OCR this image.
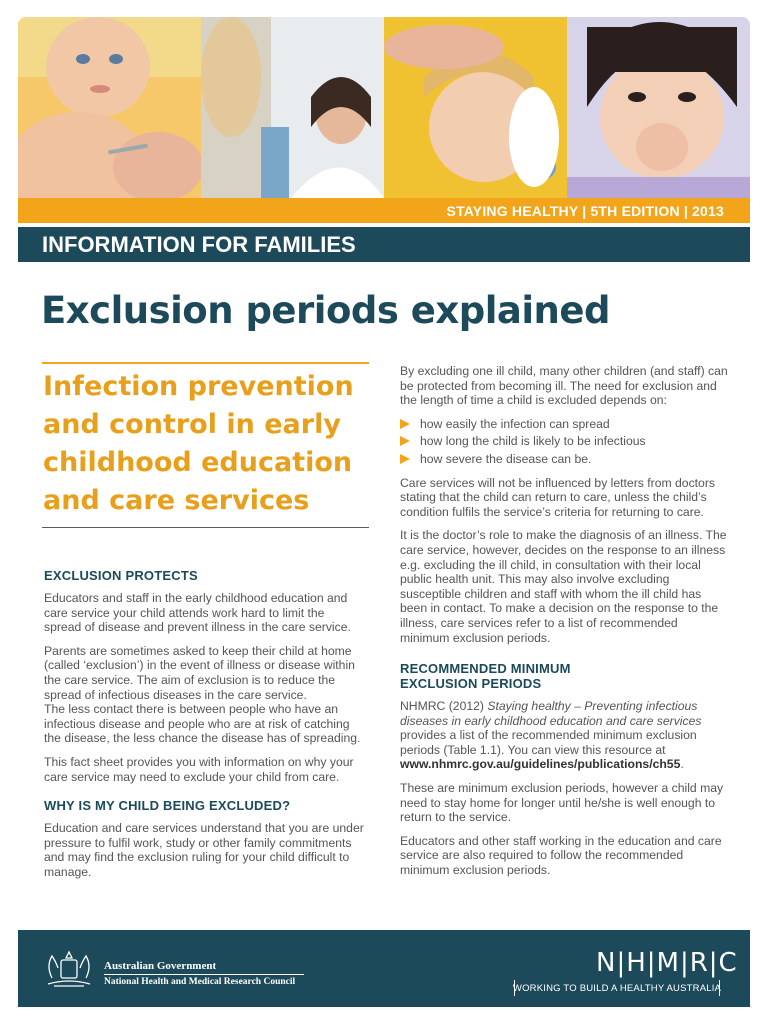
STAYING HEALTHY | 5TH EDITION | 2013
INFORMATION FOR FAMILIES
Exclusion periods explained
Infection prevention and control in early childhood education and care services
EXCLUSION PROTECTS

Educators and staff in the early childhood education and care service your child attends work hard to limit the spread of disease and prevent illness in the care service.

Parents are sometimes asked to keep their child at home (called ‘exclusion’) in the event of illness or disease within the care service. The aim of exclusion is to reduce the spread of infectious diseases in the care service.

The less contact there is between people who have an infectious disease and people who are at risk of catching the disease, the less chance the disease has of spreading.

This fact sheet provides you with information on why your care service may need to exclude your child from care.

WHY IS MY CHILD BEING EXCLUDED?

Education and care services understand that you are under pressure to fulfil work, study or other family commitments and may find the exclusion ruling for your child difficult to manage.

By excluding one ill child, many other children (and staff) can be protected from becoming ill. The need for exclusion and the length of time a child is excluded depends on:

how easily the infection can spread
how long the child is likely to be infectious
how severe the disease can be.

Care services will not be influenced by letters from doctors stating that the child can return to care, unless the child’s condition fulfils the service’s criteria for returning to care.

It is the doctor’s role to make the diagnosis of an illness. The care service, however, decides on the response to an illness e.g. excluding the ill child, in consultation with their local public health unit. This may also involve excluding susceptible children and staff with whom the ill child has been in contact. To make a decision on the response to the illness, care services refer to a list of recommended minimum exclusion periods.

RECOMMENDED MINIMUM EXCLUSION PERIODS

NHMRC (2012) Staying healthy – Preventing infectious diseases in early childhood education and care services provides a list of the recommended minimum exclusion periods (Table 1.1). You can view this resource at www.nhmrc.gov.au/guidelines/publications/ch55.

These are minimum exclusion periods, however a child may need to stay home for longer until he/she is well enough to return to the service.

Educators and other staff working in the education and care service are also required to follow the recommended minimum exclusion periods.

Australian Government
National Health and Medical Research Council
N|H|M|R|C
WORKING TO BUILD A HEALTHY AUSTRALIA
